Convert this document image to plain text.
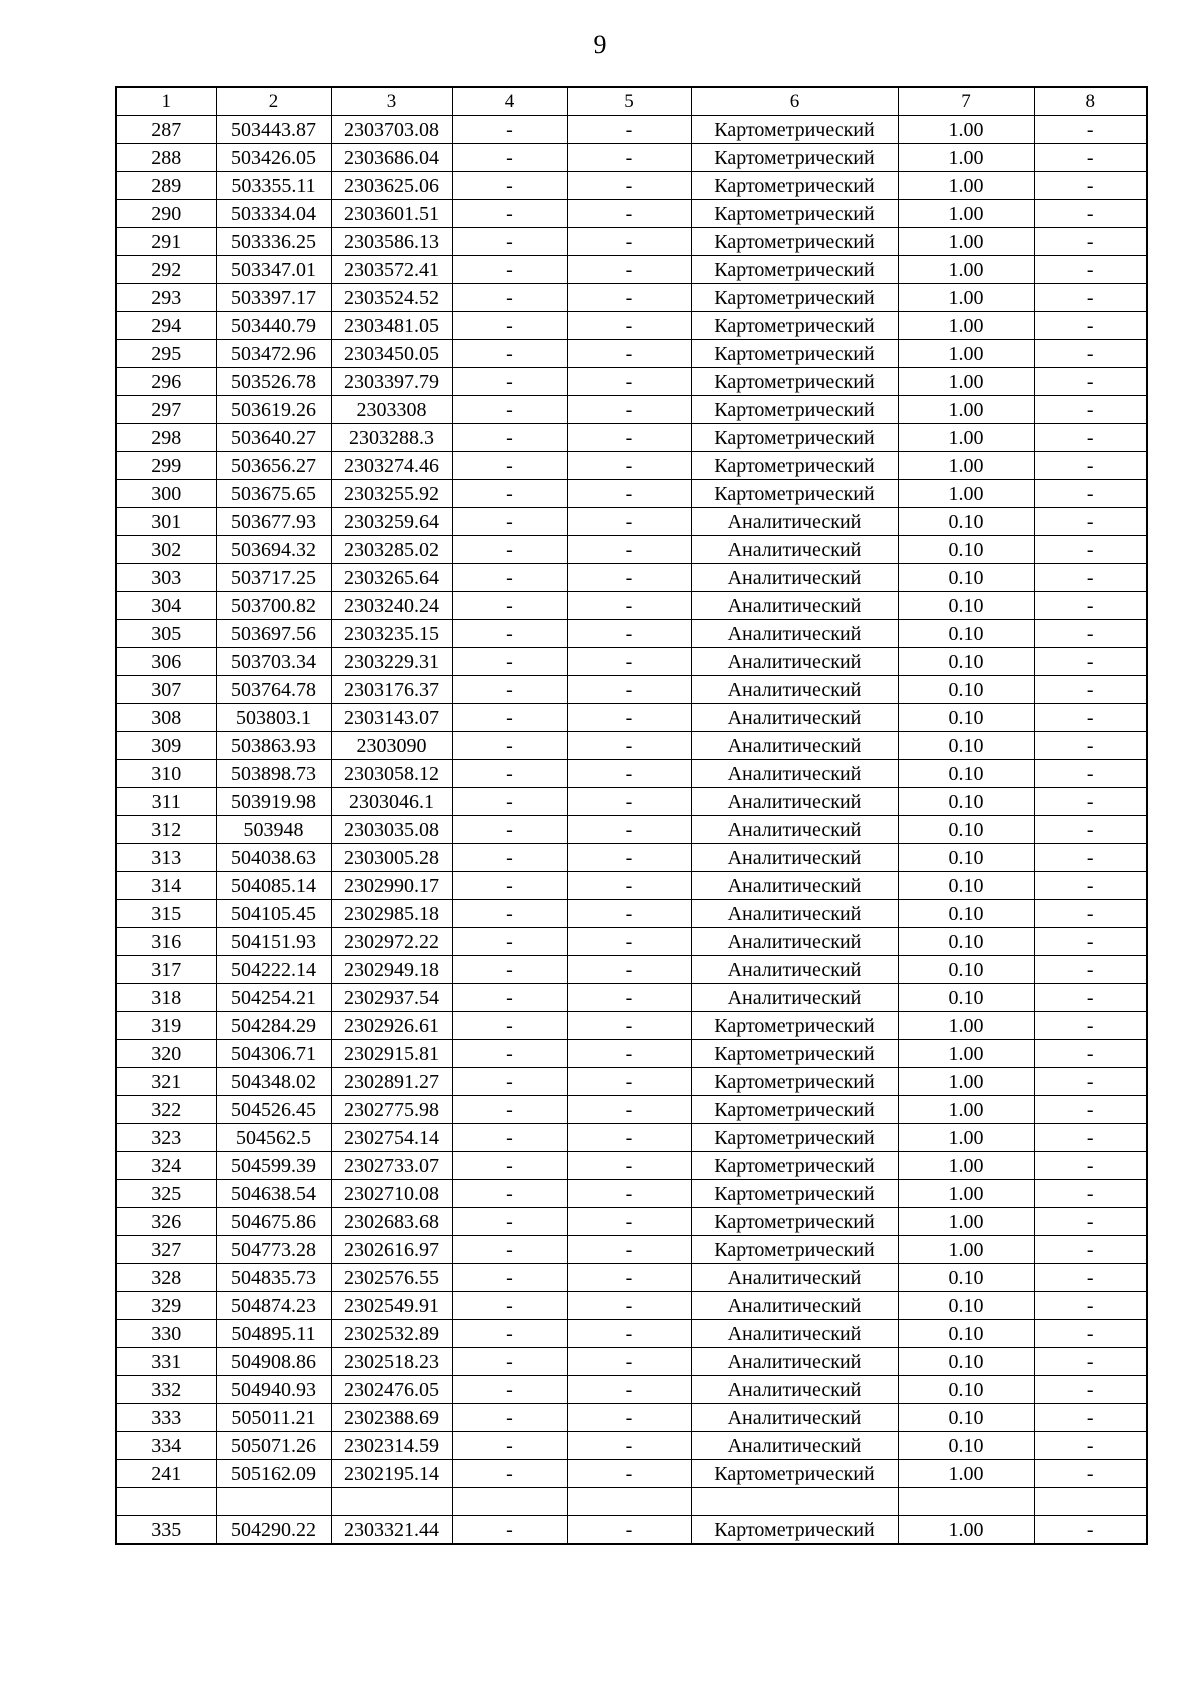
9
1	2	3	4	5	6	7	8
287	503443.87	2303703.08	-	-	Картометрический	1.00	-
288	503426.05	2303686.04	-	-	Картометрический	1.00	-
289	503355.11	2303625.06	-	-	Картометрический	1.00	-
290	503334.04	2303601.51	-	-	Картометрический	1.00	-
291	503336.25	2303586.13	-	-	Картометрический	1.00	-
292	503347.01	2303572.41	-	-	Картометрический	1.00	-
293	503397.17	2303524.52	-	-	Картометрический	1.00	-
294	503440.79	2303481.05	-	-	Картометрический	1.00	-
295	503472.96	2303450.05	-	-	Картометрический	1.00	-
296	503526.78	2303397.79	-	-	Картометрический	1.00	-
297	503619.26	2303308	-	-	Картометрический	1.00	-
298	503640.27	2303288.3	-	-	Картометрический	1.00	-
299	503656.27	2303274.46	-	-	Картометрический	1.00	-
300	503675.65	2303255.92	-	-	Картометрический	1.00	-
301	503677.93	2303259.64	-	-	Аналитический	0.10	-
302	503694.32	2303285.02	-	-	Аналитический	0.10	-
303	503717.25	2303265.64	-	-	Аналитический	0.10	-
304	503700.82	2303240.24	-	-	Аналитический	0.10	-
305	503697.56	2303235.15	-	-	Аналитический	0.10	-
306	503703.34	2303229.31	-	-	Аналитический	0.10	-
307	503764.78	2303176.37	-	-	Аналитический	0.10	-
308	503803.1	2303143.07	-	-	Аналитический	0.10	-
309	503863.93	2303090	-	-	Аналитический	0.10	-
310	503898.73	2303058.12	-	-	Аналитический	0.10	-
311	503919.98	2303046.1	-	-	Аналитический	0.10	-
312	503948	2303035.08	-	-	Аналитический	0.10	-
313	504038.63	2303005.28	-	-	Аналитический	0.10	-
314	504085.14	2302990.17	-	-	Аналитический	0.10	-
315	504105.45	2302985.18	-	-	Аналитический	0.10	-
316	504151.93	2302972.22	-	-	Аналитический	0.10	-
317	504222.14	2302949.18	-	-	Аналитический	0.10	-
318	504254.21	2302937.54	-	-	Аналитический	0.10	-
319	504284.29	2302926.61	-	-	Картометрический	1.00	-
320	504306.71	2302915.81	-	-	Картометрический	1.00	-
321	504348.02	2302891.27	-	-	Картометрический	1.00	-
322	504526.45	2302775.98	-	-	Картометрический	1.00	-
323	504562.5	2302754.14	-	-	Картометрический	1.00	-
324	504599.39	2302733.07	-	-	Картометрический	1.00	-
325	504638.54	2302710.08	-	-	Картометрический	1.00	-
326	504675.86	2302683.68	-	-	Картометрический	1.00	-
327	504773.28	2302616.97	-	-	Картометрический	1.00	-
328	504835.73	2302576.55	-	-	Аналитический	0.10	-
329	504874.23	2302549.91	-	-	Аналитический	0.10	-
330	504895.11	2302532.89	-	-	Аналитический	0.10	-
331	504908.86	2302518.23	-	-	Аналитический	0.10	-
332	504940.93	2302476.05	-	-	Аналитический	0.10	-
333	505011.21	2302388.69	-	-	Аналитический	0.10	-
334	505071.26	2302314.59	-	-	Аналитический	0.10	-
241	505162.09	2302195.14	-	-	Картометрический	1.00	-

335	504290.22	2303321.44	-	-	Картометрический	1.00	-
